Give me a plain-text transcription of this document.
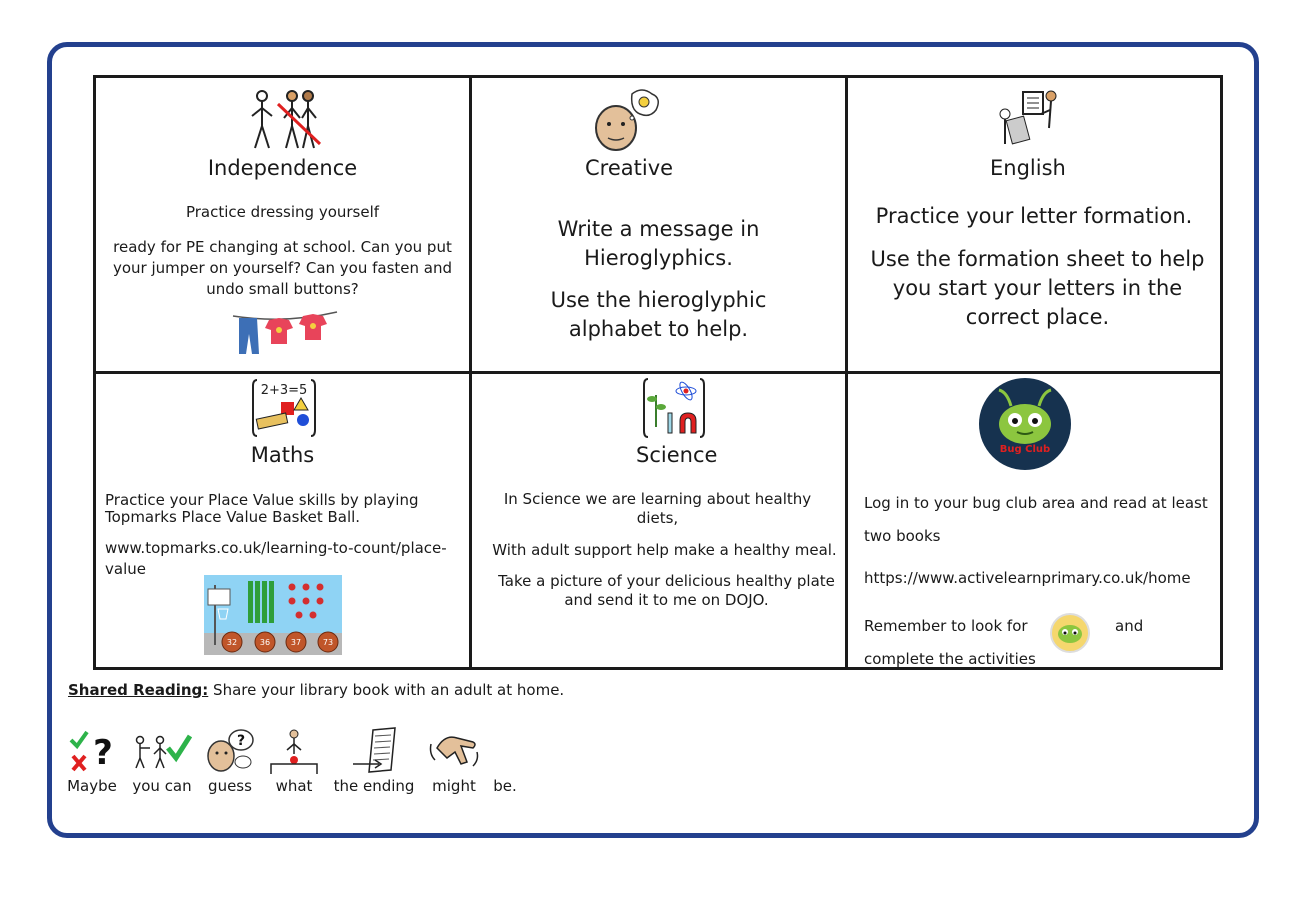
Independence
Practice dressing yourself
ready for PE changing at school. Can you put your jumper on yourself? Can you fasten and undo small buttons?
Creative
Write a message in Hieroglyphics.
Use the hieroglyphic alphabet to help.
English
Practice your letter formation.
Use the formation sheet to help you start your letters in the correct place.
2+3=5
Maths
Practice your Place Value skills by playing Topmarks Place Value Basket Ball.
www.topmarks.co.uk/learning-to-count/place-value
32	36	37	73
Science
In Science we are learning about healthy diets,
With adult support help make a healthy meal.
Take a picture of your delicious healthy plate and send it to me on DOJO.
Bug Club
Log in to your bug club area and read at least two books
https://www.activelearnprimary.co.uk/home
Remember to look for	and
complete the activities
Shared Reading: Share your library book with an adult at home.
?
Maybe you can
?
guess	what	the ending	might	be.
